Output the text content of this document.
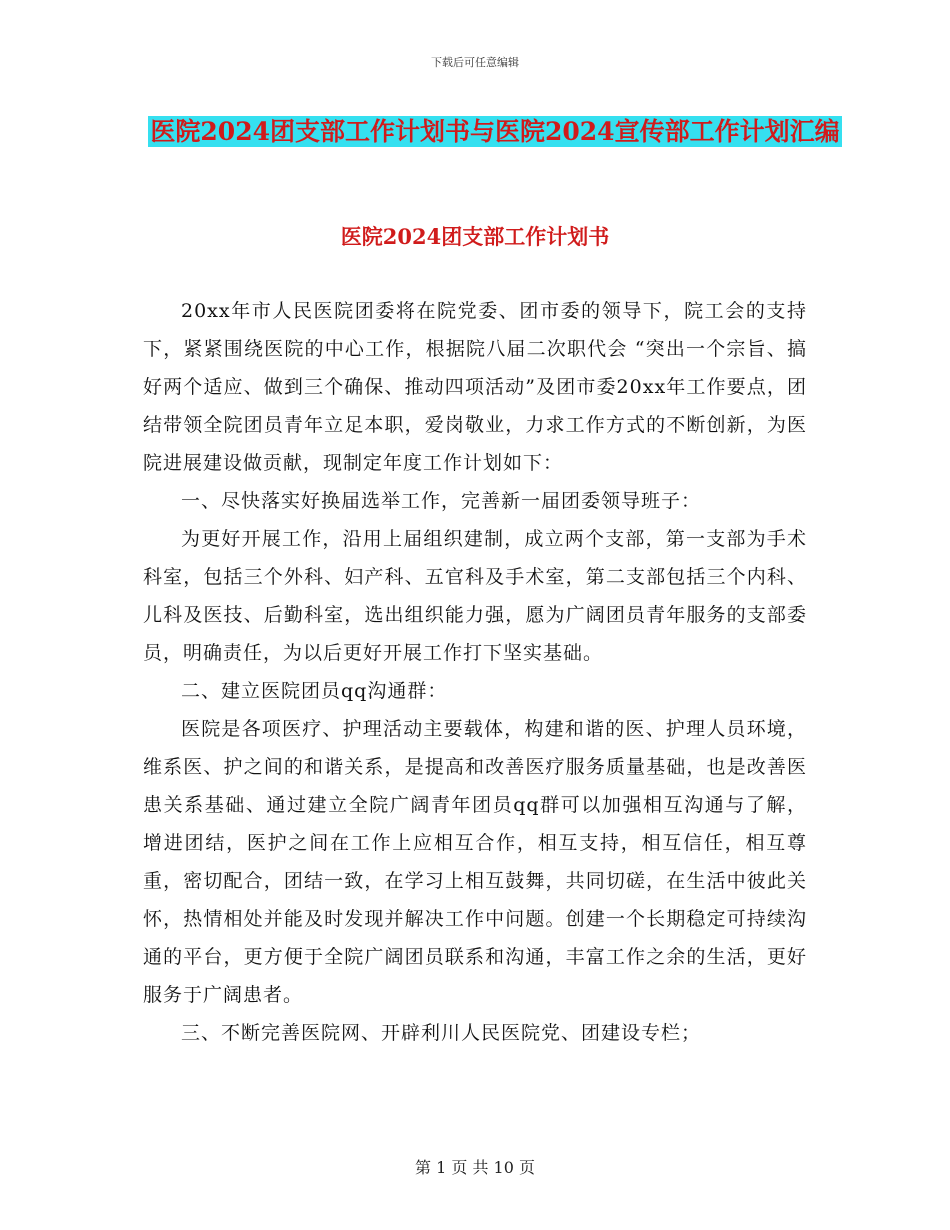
下载后可任意编辑
医院2024团支部工作计划书与医院2024宣传部工作计划汇编
医院2024团支部工作计划书

20xx年市人民医院团委将在院党委、团市委的领导下，院工会的支持下，紧紧围绕医院的中心工作，根据院八届二次职代会 “突出一个宗旨、搞好两个适应、做到三个确保、推动四项活动”及团市委20xx年工作要点，团结带领全院团员青年立足本职，爱岗敬业，力求工作方式的不断创新，为医院进展建设做贡献，现制定年度工作计划如下：

一、尽快落实好换届选举工作，完善新一届团委领导班子：

为更好开展工作，沿用上届组织建制，成立两个支部，第一支部为手术科室，包括三个外科、妇产科、五官科及手术室，第二支部包括三个内科、儿科及医技、后勤科室，选出组织能力强，愿为广阔团员青年服务的支部委员，明确责任，为以后更好开展工作打下坚实基础。

二、建立医院团员qq沟通群：

医院是各项医疗、护理活动主要载体，构建和谐的医、护理人员环境，维系医、护之间的和谐关系，是提高和改善医疗服务质量基础，也是改善医患关系基础、通过建立全院广阔青年团员qq群可以加强相互沟通与了解，增进团结，医护之间在工作上应相互合作，相互支持，相互信任，相互尊重，密切配合，团结一致，在学习上相互鼓舞，共同切磋，在生活中彼此关怀，热情相处并能及时发现并解决工作中问题。创建一个长期稳定可持续沟通的平台，更方便于全院广阔团员联系和沟通，丰富工作之余的生活，更好服务于广阔患者。

三、不断完善医院网、开辟利川人民医院党、团建设专栏；

第 1 页 共 10 页
